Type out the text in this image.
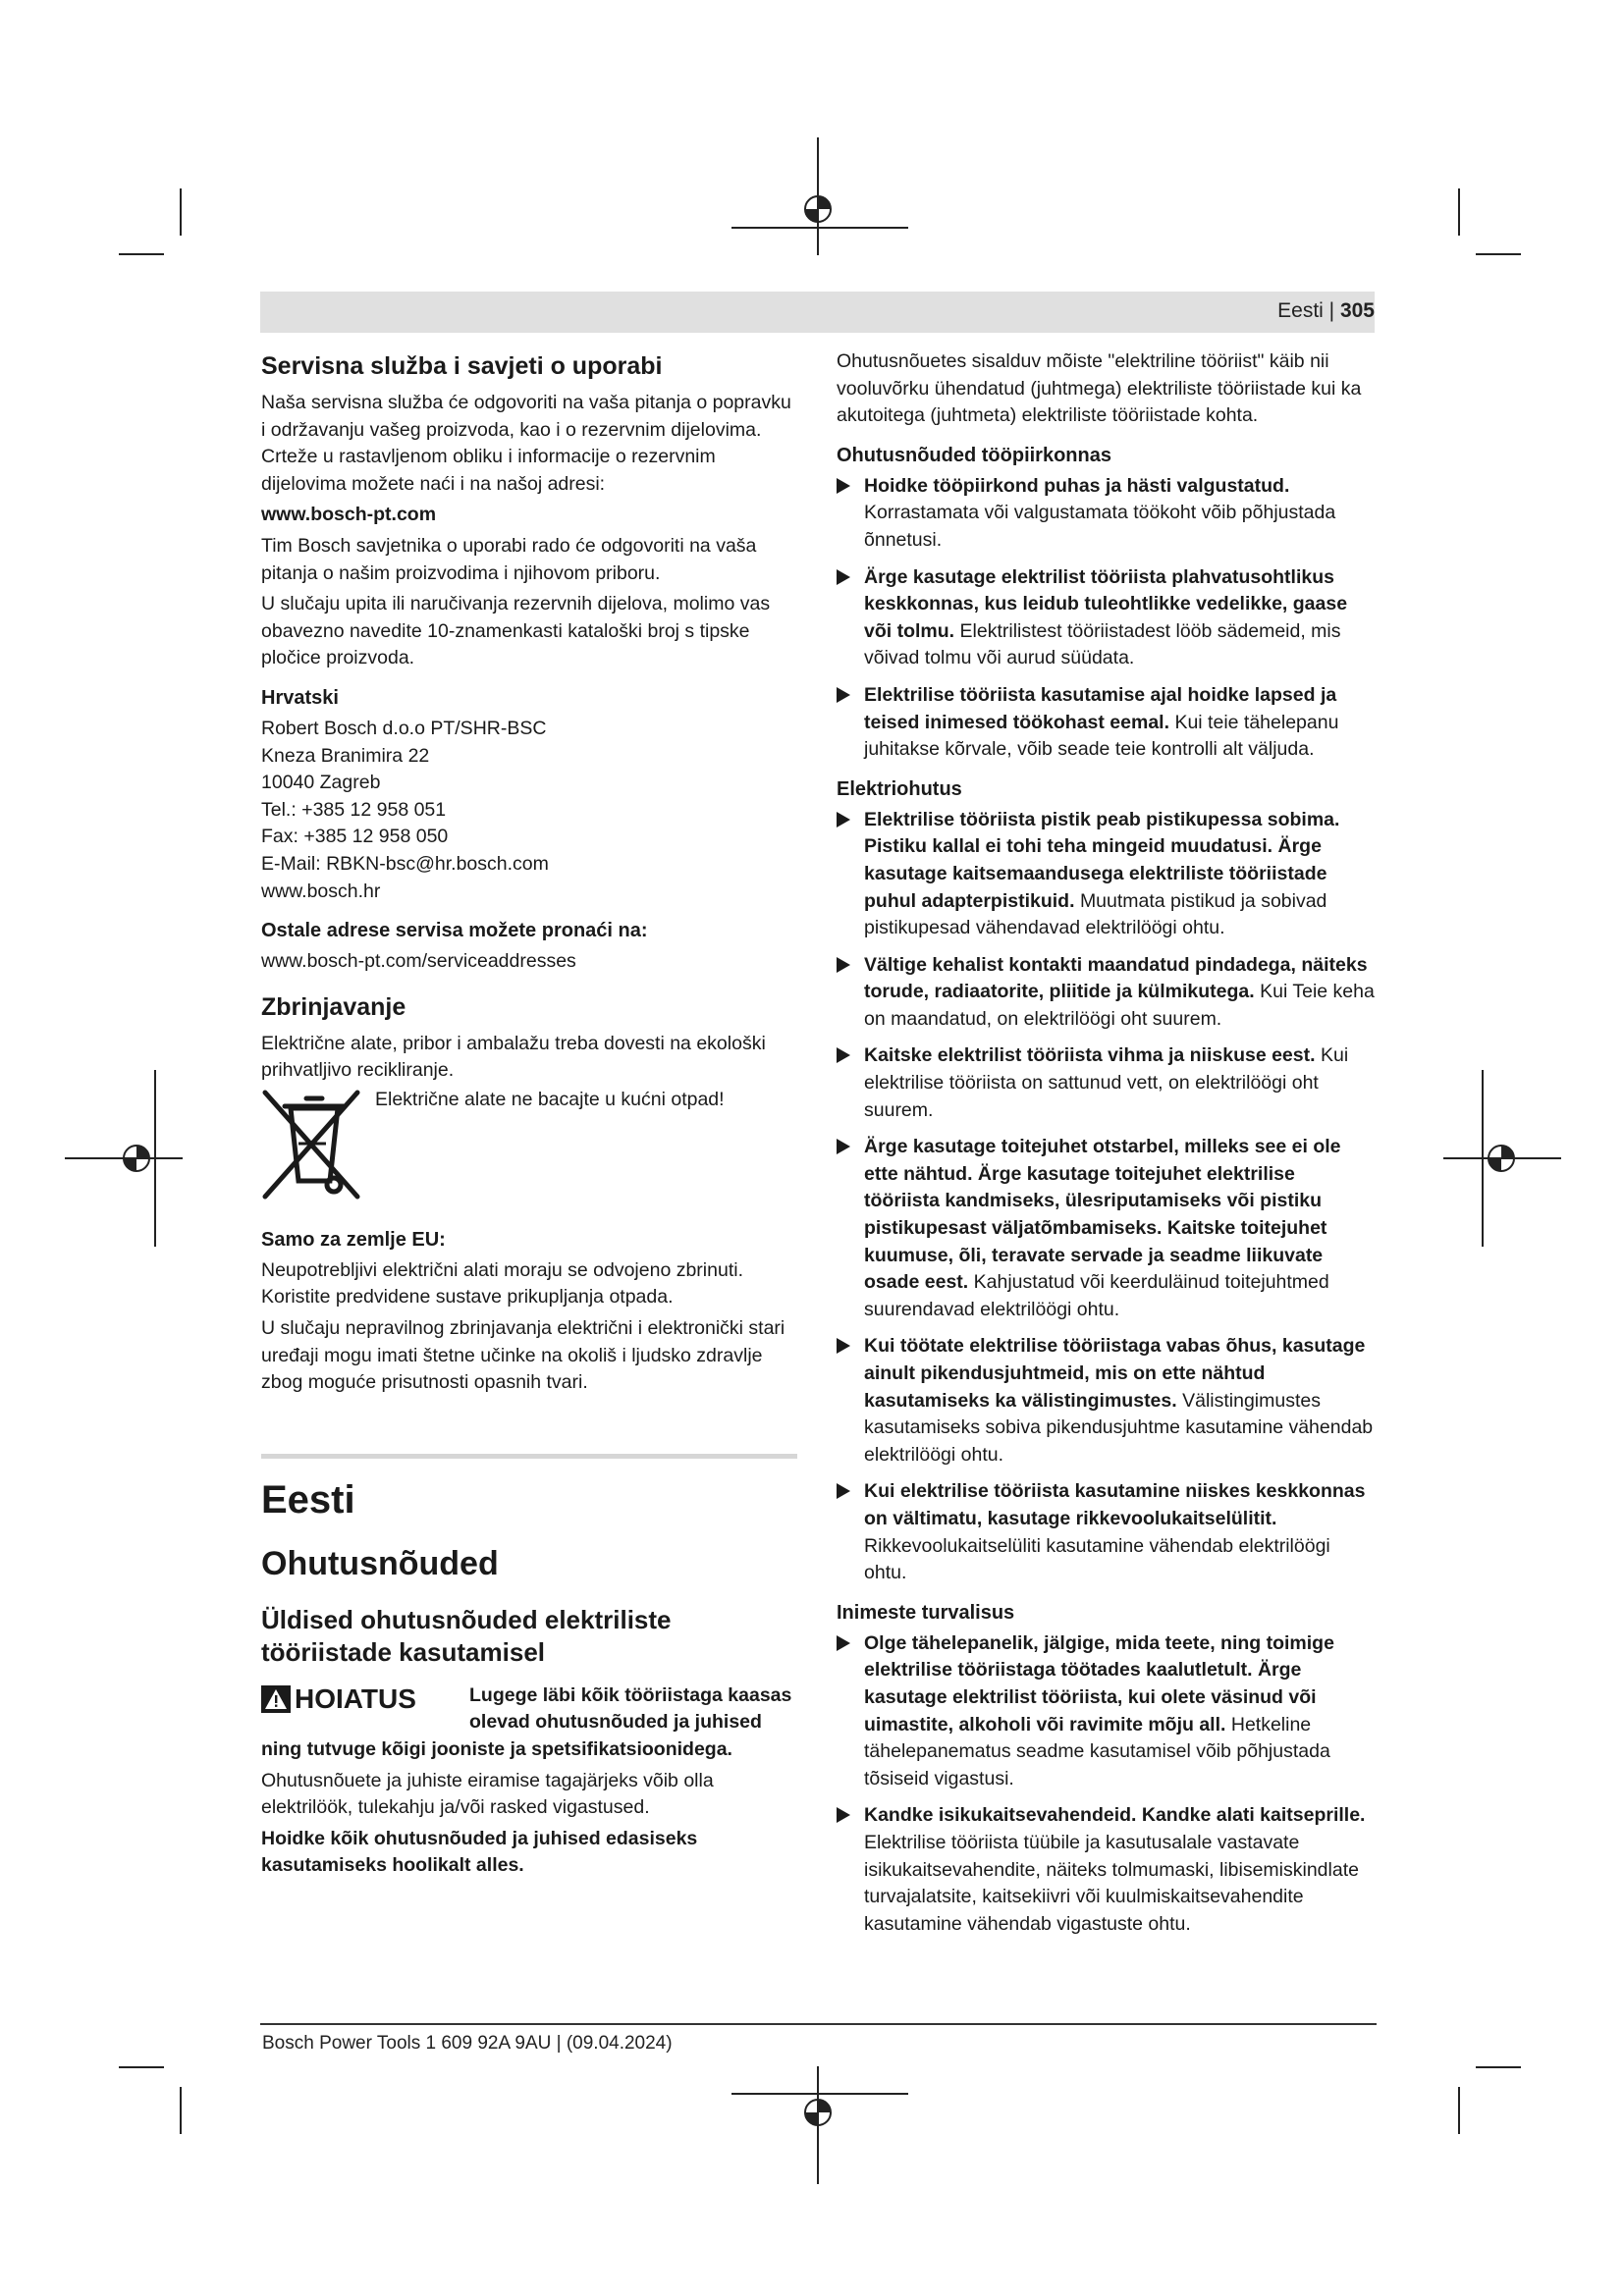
Eesti | 305
Servisna služba i savjeti o uporabi

Naša servisna služba će odgovoriti na vaša pitanja o popravku i održavanju vašeg proizvoda, kao i o rezervnim dijelovima. Crteže u rastavljenom obliku i informacije o rezervnim dijelovima možete naći i na našoj adresi:

www.bosch-pt.com

Tim Bosch savjetnika o uporabi rado će odgovoriti na vaša pitanja o našim proizvodima i njihovom priboru.

U slučaju upita ili naručivanja rezervnih dijelova, molimo vas obavezno navedite 10-znamenkasti kataloški broj s tipske pločice proizvoda.

Hrvatski

Robert Bosch d.o.o PT/SHR-BSC

Kneza Branimira 22

10040 Zagreb

Tel.: +385 12 958 051

Fax: +385 12 958 050

E-Mail: RBKN-bsc@hr.bosch.com

www.bosch.hr

Ostale adrese servisa možete pronaći na:

www.bosch-pt.com/serviceaddresses

Zbrinjavanje

Električne alate, pribor i ambalažu treba dovesti na ekološki prihvatljivo recikliranje.

Električne alate ne bacajte u kućni otpad!

Samo za zemlje EU:

Neupotrebljivi električni alati moraju se odvojeno zbrinuti. Koristite predvidene sustave prikupljanja otpada.

U slučaju nepravilnog zbrinjavanja električni i elektronički stari uređaji mogu imati štetne učinke na okoliš i ljudsko zdravlje zbog mogućе prisutnosti opasnih tvari.

Eesti
Ohutusnõuded
Üldised ohutusnõuded elektriliste tööriistade kasutamisel
HOIATUS	Lugege läbi kõik tööriistaga kaasas olevad ohutusnõuded ja juhised

ning tutvuge kõigi jooniste ja spetsifikatsioonidega.

Ohutusnõuete ja juhiste eiramise tagajärjeks võib olla elektrilöök, tulekahju ja/või rasked vigastused.

Hoidke kõik ohutusnõuded ja juhised edasiseks kasutamiseks hoolikalt alles.

Ohutusnõuetes sisalduv mõiste "elektriline tööriist" käib nii vooluvõrku ühendatud (juhtmega) elektriliste tööriistade kui ka akutoitega (juhtmeta) elektriliste tööriistade kohta.

Ohutusnõuded tööpiirkonnas
Hoidke tööpiirkond puhas ja hästi valgustatud. Korrastamata või valgustamata töökoht võib põhjustada õnnetusi.
Ärge kasutage elektrilist tööriista plahvatusohtlikus keskkonnas, kus leidub tuleohtlikke vedelikke, gaase või tolmu. Elektrilistest tööriistadest lööb sädemeid, mis võivad tolmu või aurud süüdata.
Elektrilise tööriista kasutamise ajal hoidke lapsed ja teised inimesed töökohast eemal. Kui teie tähelepanu juhitakse kõrvale, võib seade teie kontrolli alt väljuda.
Elektriohutus
Elektrilise tööriista pistik peab pistikupessa sobima. Pistiku kallal ei tohi teha mingeid muudatusi. Ärge kasutage kaitsemaandusega elektriliste tööriistade puhul adapterpistikuid. Muutmata pistikud ja sobivad pistikupesad vähendavad elektrilöögi ohtu.
Vältige kehalist kontakti maandatud pindadega, näiteks torude, radiaatorite, pliitide ja külmikutega. Kui Teie keha on maandatud, on elektrilöögi oht suurem.
Kaitske elektrilist tööriista vihma ja niiskuse eest. Kui elektrilise tööriista on sattunud vett, on elektrilöögi oht suurem.
Ärge kasutage toitejuhet otstarbel, milleks see ei ole ette nähtud. Ärge kasutage toitejuhet elektrilise tööriista kandmiseks, ülesriputamiseks või pistiku pistikupesast väljatõmbamiseks. Kaitske toitejuhet kuumuse, õli, teravate servade ja seadme liikuvate osade eest. Kahjustatud või keerduläinud toitejuhtmed suurendavad elektrilöögi ohtu.
Kui töötate elektrilise tööriistaga vabas õhus, kasutage ainult pikendusjuhtmeid, mis on ette nähtud kasutamiseks ka välistingimustes. Välistingimustes kasutamiseks sobiva pikendusjuhtme kasutamine vähendab elektrilöögi ohtu.
Kui elektrilise tööriista kasutamine niiskes keskkonnas on vältimatu, kasutage rikkevoolukaitselülitit. Rikkevoolukaitselüliti kasutamine vähendab elektrilöögi ohtu.
Inimeste turvalisus
Olge tähelepanelik, jälgige, mida teete, ning toimige elektrilise tööriistaga töötades kaalutletult. Ärge kasutage elektrilist tööriista, kui olete väsinud või uimastite, alkoholi või ravimite mõju all. Hetkeline tähelepanematus seadme kasutamisel võib põhjustada tõsiseid vigastusi.
Kandke isikukaitsevahendeid. Kandke alati kaitseprille. Elektrilise tööriista tüübile ja kasutusalale vastavate isikukaitsevahendite, näiteks tolmumaski, libisemiskindlate turvajalatsite, kaitsekiivri või kuulmiskaitsevahendite kasutamine vähendab vigastuste ohtu.
Bosch Power Tools 1 609 92A 9AU | (09.04.2024)
